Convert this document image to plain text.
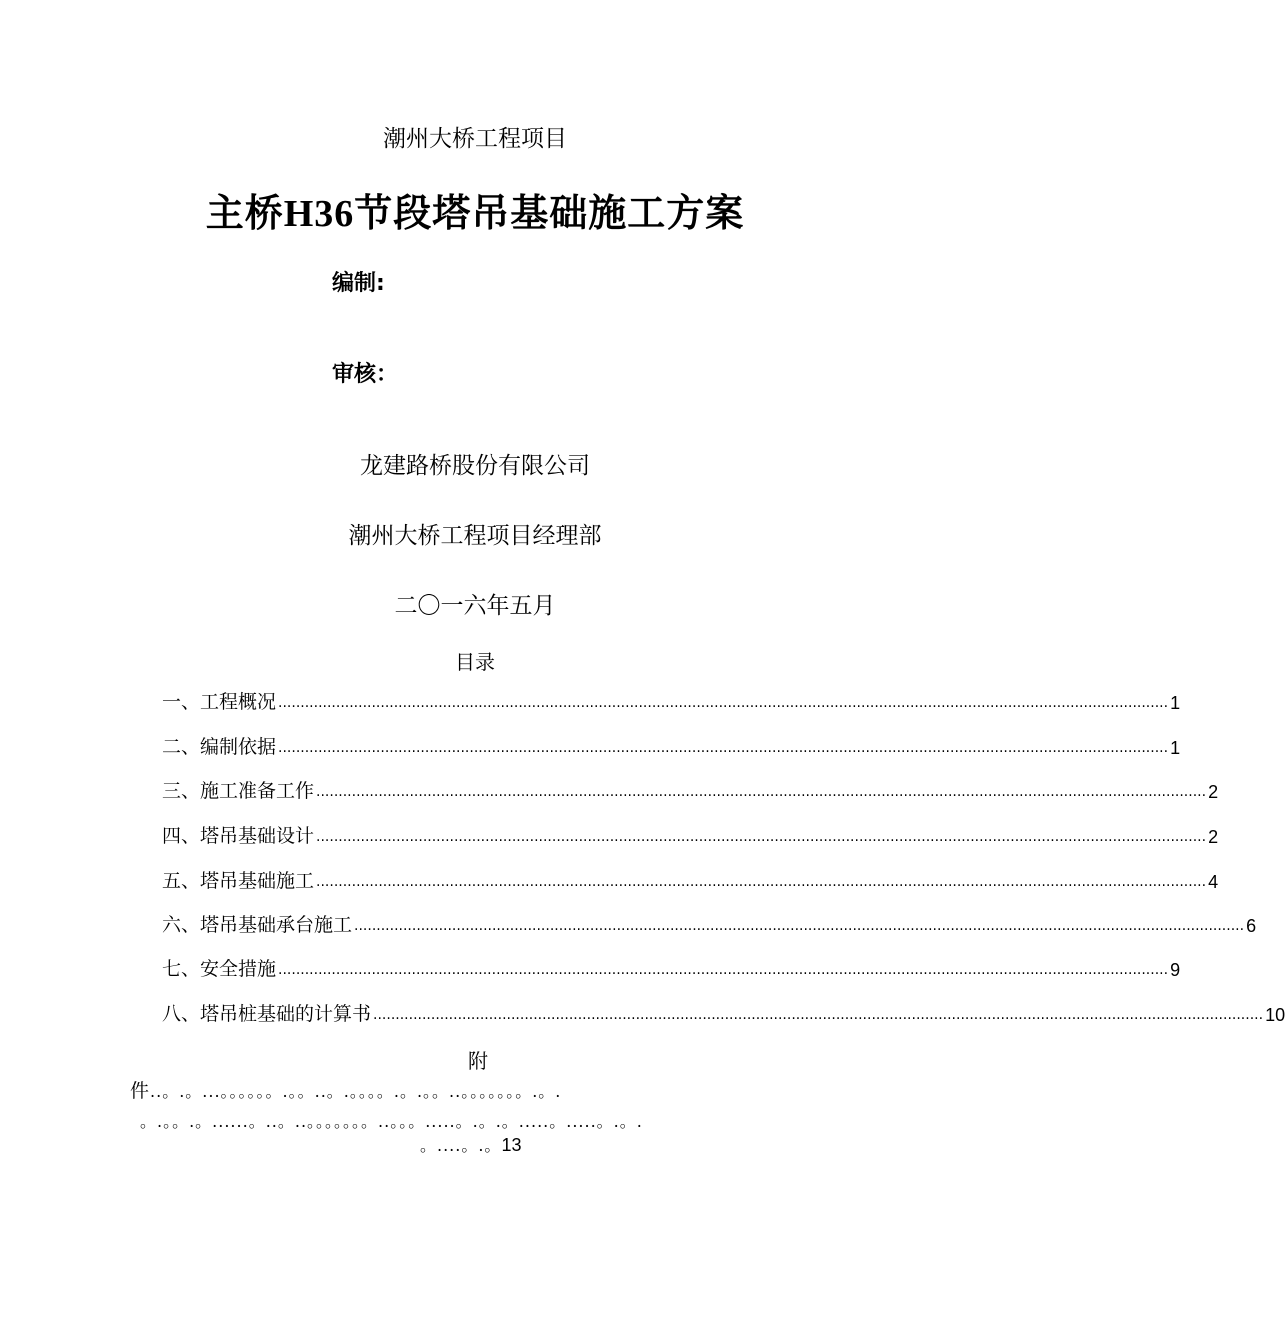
潮州大桥工程项目
主桥H36节段塔吊基础施工方案
编制:
审核：
龙建路桥股份有限公司
潮州大桥工程项目经理部
二〇一六年五月
目录
一、工程概况 ........................................................................................................................................................................................................ 1
二、编制依据 ........................................................................................................................................................................................................ 1
三、施工准备工作 ........................................................................................................................................................................................................ 2
四、塔吊基础设计 ........................................................................................................................................................................................................ 2
五、塔吊基础施工 ........................................................................................................................................................................................................ 4
六、塔吊基础承台施工 ........................................................................................................................................................................................................ 6
七、安全措施 ........................................................................................................................................................................................................ 9
八、塔吊桩基础的计算书 ........................................................................................................................................................................................................ 10
附
件..。.。...。。。。。。.。。..。.。。。。.。.。。..。。。。。。。.。.
。.。。.。......。..。..。。。。。。。..。。。.....。.。.。.....。.....。.。.
。....。.。13
